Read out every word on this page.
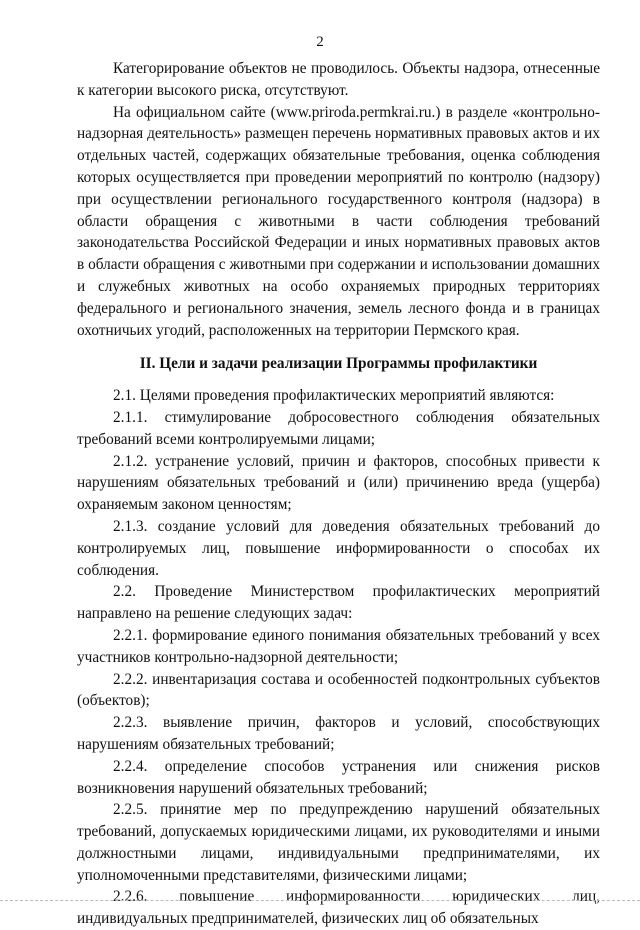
2

Категорирование объектов не проводилось. Объекты надзора, отнесенные к категории высокого риска, отсутствуют.

На официальном сайте (www.priroda.permkrai.ru.) в разделе «контрольно-надзорная деятельность» размещен перечень нормативных правовых актов и их отдельных частей, содержащих обязательные требования, оценка соблюдения которых осуществляется при проведении мероприятий по контролю (надзору) при осуществлении регионального государственного контроля (надзора) в области обращения с животными в части соблюдения требований законодательства Российской Федерации и иных нормативных правовых актов в области обращения с животными при содержании и использовании домашних и служебных животных на особо охраняемых природных территориях федерального и регионального значения, земель лесного фонда и в границах охотничьих угодий, расположенных на территории Пермского края.

II. Цели и задачи реализации Программы профилактики

2.1. Целями проведения профилактических мероприятий являются:

2.1.1. стимулирование добросовестного соблюдения обязательных требований всеми контролируемыми лицами;

2.1.2. устранение условий, причин и факторов, способных привести к нарушениям обязательных требований и (или) причинению вреда (ущерба) охраняемым законом ценностям;

2.1.3. создание условий для доведения обязательных требований до контролируемых лиц, повышение информированности о способах их соблюдения.

2.2. Проведение Министерством профилактических мероприятий направлено на решение следующих задач:

2.2.1. формирование единого понимания обязательных требований у всех участников контрольно-надзорной деятельности;

2.2.2. инвентаризация состава и особенностей подконтрольных субъектов (объектов);

2.2.3. выявление причин, факторов и условий, способствующих нарушениям обязательных требований;

2.2.4. определение способов устранения или снижения рисков возникновения нарушений обязательных требований;

2.2.5. принятие мер по предупреждению нарушений обязательных требований, допускаемых юридическими лицами, их руководителями и иными должностными лицами, индивидуальными предпринимателями, их уполномоченными представителями, физическими лицами;

2.2.6. повышение информированности юридических лиц, индивидуальных предпринимателей, физических лиц об обязательных
